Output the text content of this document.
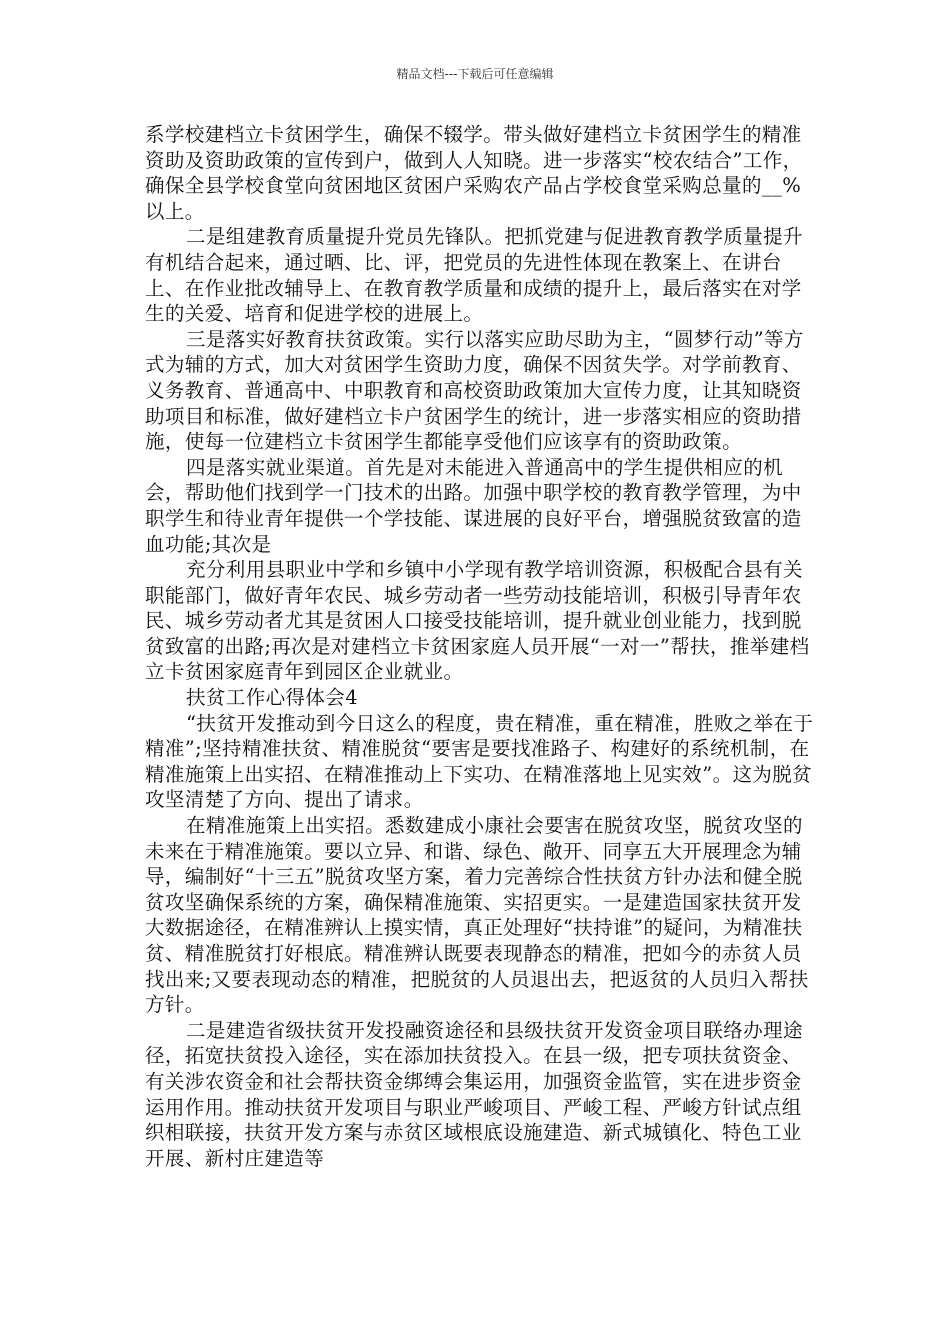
精品文档---下载后可任意编辑

系学校建档立卡贫困学生，确保不辍学。带头做好建档立卡贫困学生的精准资助及资助政策的宣传到户，做到人人知晓。进一步落实“校农结合”工作，确保全县学校食堂向贫困地区贫困户采购农产品占学校食堂采购总量的__%以上。

二是组建教育质量提升党员先锋队。把抓党建与促进教育教学质量提升有机结合起来，通过晒、比、评，把党员的先进性体现在教案上、在讲台上、在作业批改辅导上、在教育教学质量和成绩的提升上，最后落实在对学生的关爱、培育和促进学校的进展上。

三是落实好教育扶贫政策。实行以落实应助尽助为主，“圆梦行动”等方式为辅的方式，加大对贫困学生资助力度，确保不因贫失学。对学前教育、义务教育、普通高中、中职教育和高校资助政策加大宣传力度，让其知晓资助项目和标准，做好建档立卡户贫困学生的统计，进一步落实相应的资助措施，使每一位建档立卡贫困学生都能享受他们应该享有的资助政策。

四是落实就业渠道。首先是对未能进入普通高中的学生提供相应的机会，帮助他们找到学一门技术的出路。加强中职学校的教育教学管理，为中职学生和待业青年提供一个学技能、谋进展的良好平台，增强脱贫致富的造血功能;其次是

充分利用县职业中学和乡镇中小学现有教学培训资源，积极配合县有关职能部门，做好青年农民、城乡劳动者一些劳动技能培训，积极引导青年农民、城乡劳动者尤其是贫困人口接受技能培训，提升就业创业能力，找到脱贫致富的出路;再次是对建档立卡贫困家庭人员开展“一对一”帮扶，推举建档立卡贫困家庭青年到园区企业就业。

扶贫工作心得体会4

“扶贫开发推动到今日这么的程度，贵在精准，重在精准，胜败之举在于精准”;坚持精准扶贫、精准脱贫“要害是要找准路子、构建好的系统机制，在精准施策上出实招、在精准推动上下实功、在精准落地上见实效”。这为脱贫攻坚清楚了方向、提出了请求。

在精准施策上出实招。悉数建成小康社会要害在脱贫攻坚，脱贫攻坚的未来在于精准施策。要以立异、和谐、绿色、敞开、同享五大开展理念为辅导，编制好“十三五”脱贫攻坚方案，着力完善综合性扶贫方针办法和健全脱贫攻坚确保系统的方案，确保精准施策、实招更实。一是建造国家扶贫开发大数据途径，在精准辨认上摸实情，真正处理好“扶持谁”的疑问，为精准扶贫、精准脱贫打好根底。精准辨认既要表现静态的精准，把如今的赤贫人员找出来;又要表现动态的精准，把脱贫的人员退出去，把返贫的人员归入帮扶方针。

二是建造省级扶贫开发投融资途径和县级扶贫开发资金项目联络办理途径，拓宽扶贫投入途径，实在添加扶贫投入。在县一级，把专项扶贫资金、有关涉农资金和社会帮扶资金绑缚会集运用，加强资金监管，实在进步资金运用作用。推动扶贫开发项目与职业严峻项目、严峻工程、严峻方针试点组织相联接，扶贫开发方案与赤贫区域根底设施建造、新式城镇化、特色工业开展、新村庄建造等
